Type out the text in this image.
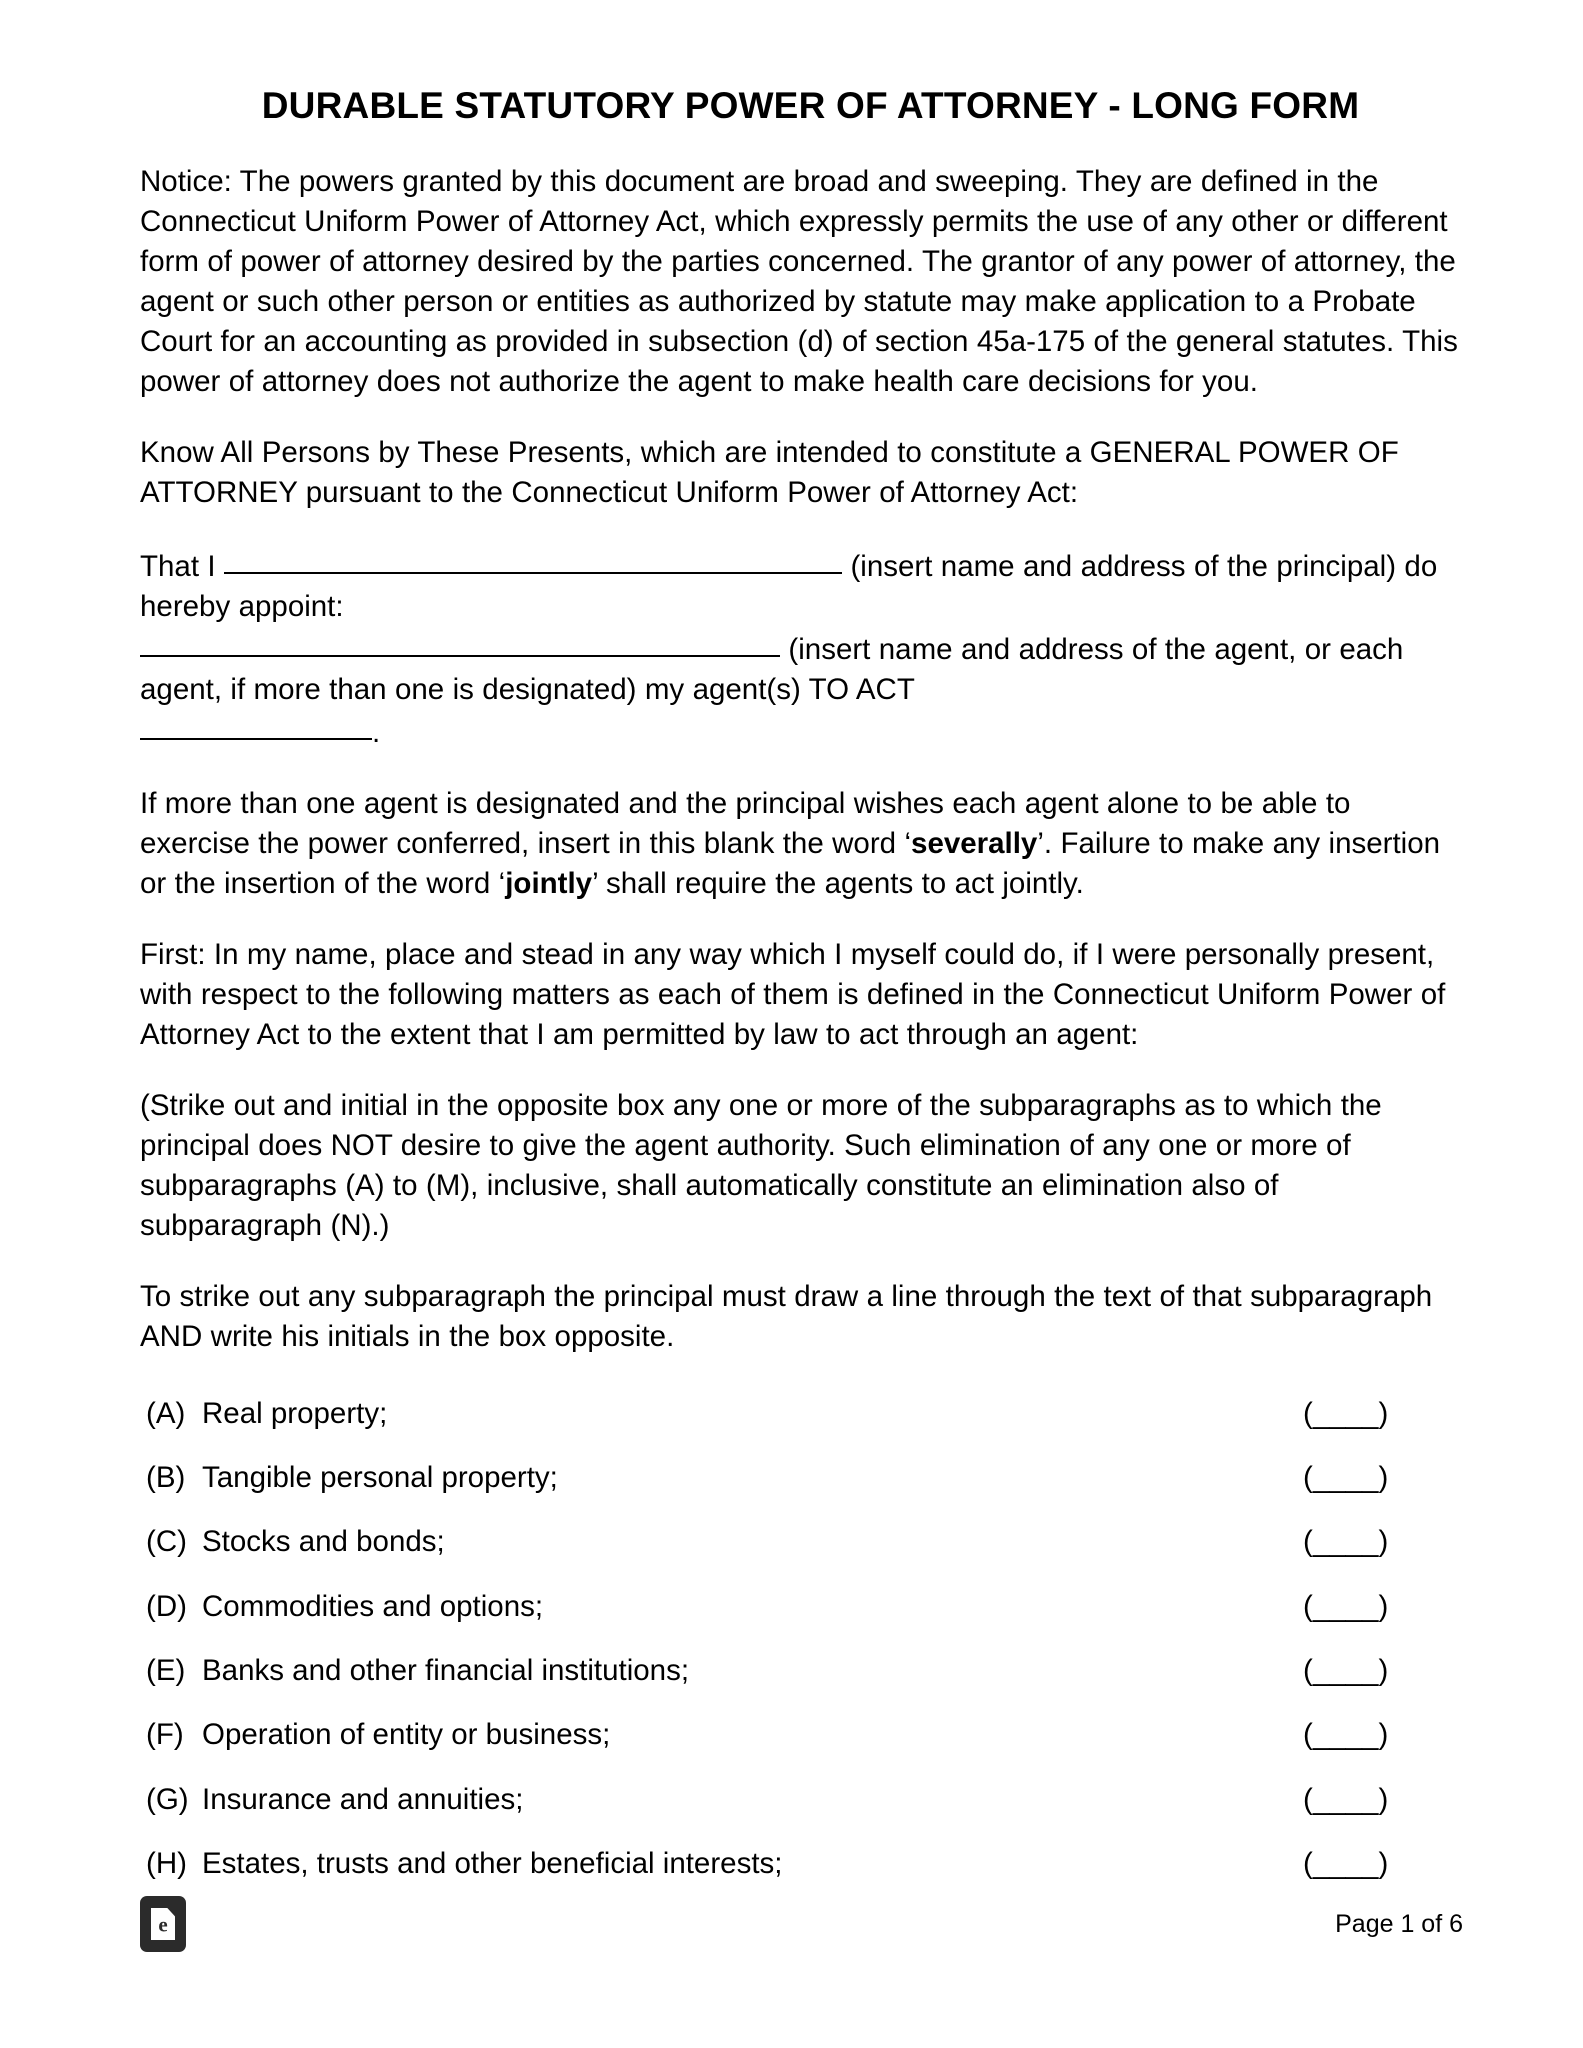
DURABLE STATUTORY POWER OF ATTORNEY - LONG FORM

Notice: The powers granted by this document are broad and sweeping. They are defined in the Connecticut Uniform Power of Attorney Act, which expressly permits the use of any other or different form of power of attorney desired by the parties concerned. The grantor of any power of attorney, the agent or such other person or entities as authorized by statute may make application to a Probate Court for an accounting as provided in subsection (d) of section 45a-175 of the general statutes. This power of attorney does not authorize the agent to make health care decisions for you.

Know All Persons by These Presents, which are intended to constitute a GENERAL POWER OF ATTORNEY pursuant to the Connecticut Uniform Power of Attorney Act:

That I	(insert name and address of the principal) do hereby appoint:
(insert name and address of the agent, or each agent, if more than one is designated) my agent(s) TO ACT
.

If more than one agent is designated and the principal wishes each agent alone to be able to exercise the power conferred, insert in this blank the word ‘severally’. Failure to make any insertion or the insertion of the word ‘jointly’ shall require the agents to act jointly.

First: In my name, place and stead in any way which I myself could do, if I were personally present, with respect to the following matters as each of them is defined in the Connecticut Uniform Power of Attorney Act to the extent that I am permitted by law to act through an agent:

(Strike out and initial in the opposite box any one or more of the subparagraphs as to which the principal does NOT desire to give the agent authority. Such elimination of any one or more of subparagraphs (A) to (M), inclusive, shall automatically constitute an elimination also of subparagraph (N).)

To strike out any subparagraph the principal must draw a line through the text of that subparagraph AND write his initials in the box opposite.

(A) Real property;	(____)
(B) Tangible personal property;	(____)
(C) Stocks and bonds;	(____)
(D) Commodities and options;	(____)
(E) Banks and other financial institutions;	(____)
(F) Operation of entity or business;	(____)
(G) Insurance and annuities;	(____)
(H) Estates, trusts and other beneficial interests;	(____)
e	Page 1 of 6
